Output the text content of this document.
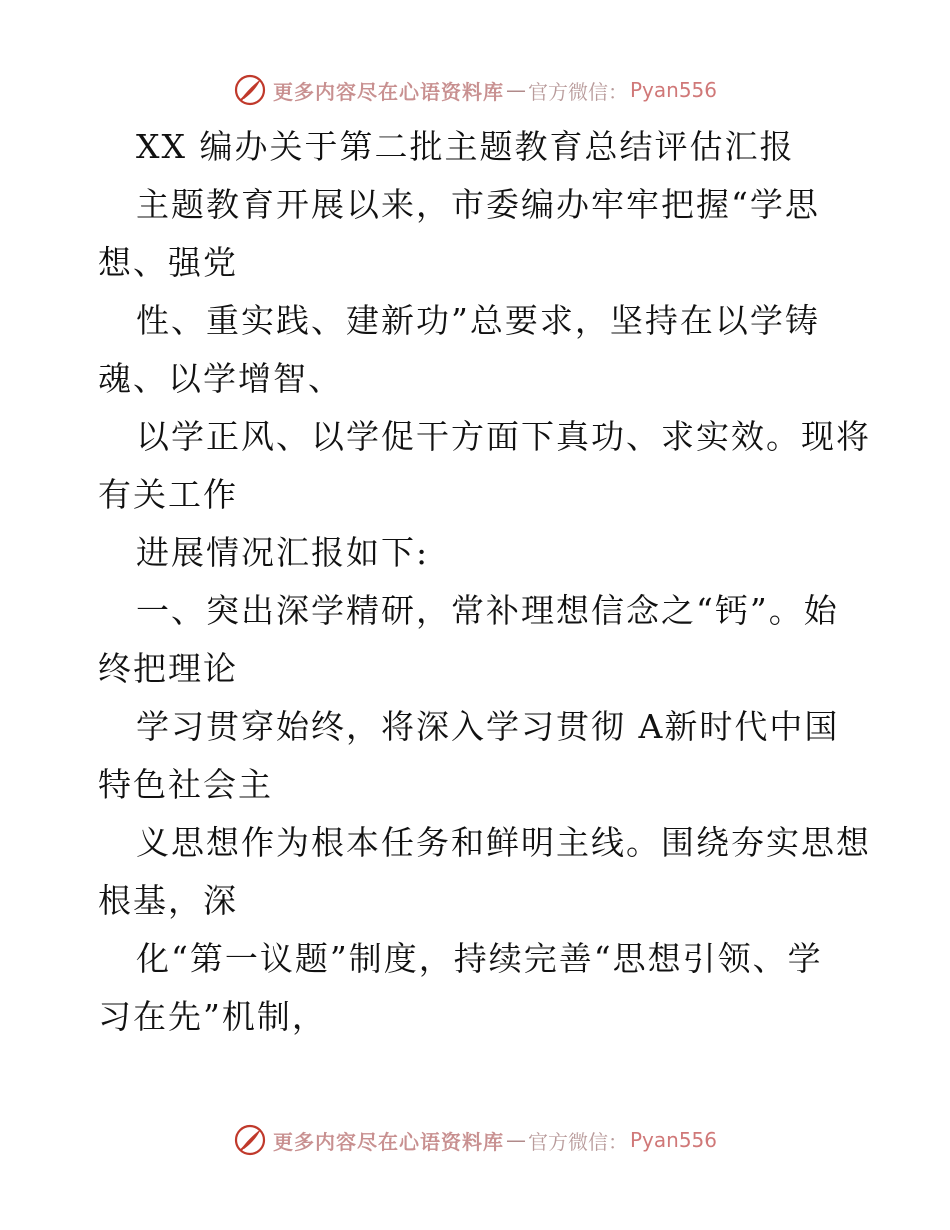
更多内容尽在心语资料库 — 官方微信： Pyan556
XX 编办关于第二批主题教育总结评估汇报
主题教育开展以来，市委编办牢牢把握“学思
想、强党
性、重实践、建新功”总要求，坚持在以学铸
魂、以学增智、
以学正风、以学促干方面下真功、求实效。现将
有关工作
进展情况汇报如下:
一、突出深学精研，常补理想信念之“钙”。始
终把理论
学习贯穿始终，将深入学习贯彻 A新时代中国
特色社会主
义思想作为根本任务和鲜明主线。围绕夯实思想
根基，深
化“第一议题”制度，持续完善“思想引领、学
习在先”机制，
更多内容尽在心语资料库 — 官方微信： Pyan556
